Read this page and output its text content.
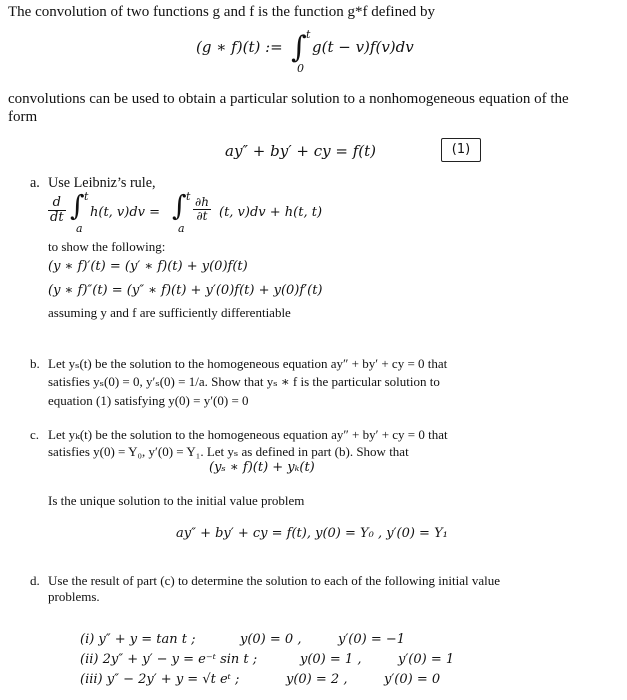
The convolution of two functions g and f is the function g*f defined by
(g ∗ f)(t) := ∫ t
0
g(t − v)f(v)dv
convolutions can be used to obtain a particular solution to a nonhomogeneous equation of the
form
ay″ + by′ + cy = f(t)	(1)
a. Use Leibniz’s rule,
$\frac{d}{dt}$ ∫ t
a
h(t, v)dv = ∫ t
a
$\frac{\partial h}{\partial t} (t$, v)dv + h(t, t)
to show the following:
(y ∗ f)′(t) = (y′ ∗ f)(t) + y(0)f(t)
(y ∗ f)″(t) = (y″ ∗ f)(t) + y′(0)f(t) + y(0)f′(t)
assuming y and f are sufficiently differentiable
b. Let yₛ(t) be the solution to the homogeneous equation ay″ + by′ + cy = 0 that
satisfies yₛ(0) = 0, y′ₛ(0) = 1/a. Show that yₛ ∗ f is the particular solution to
equation (1) satisfying y(0) = y′(0) = 0
c. Let yₖ(t) be the solution to the homogeneous equation ay″ + by′ + cy = 0 that
satisfies y(0) = Y₀, y′(0) = Y₁. Let yₛ as defined in part (b). Show that
(yₛ ∗ f)(t) + yₖ(t)
Is the unique solution to the initial value problem
ay″ + by′ + cy = f(t), y(0) = Y₀ , y′(0) = Y₁
d. Use the result of part (c) to determine the solution to each of the following initial value
problems.
(i) y″ + y = tan t ;	y(0) = 0 ,	y′(0) = −1
(ii) 2y″ + y′ − y = e⁻ᵗ sin t ;	y(0) = 1 ,	y′(0) = 1
(iii) y″ − 2y′ + y = √t eᵗ ;	y(0) = 2 ,	y′(0) = 0
